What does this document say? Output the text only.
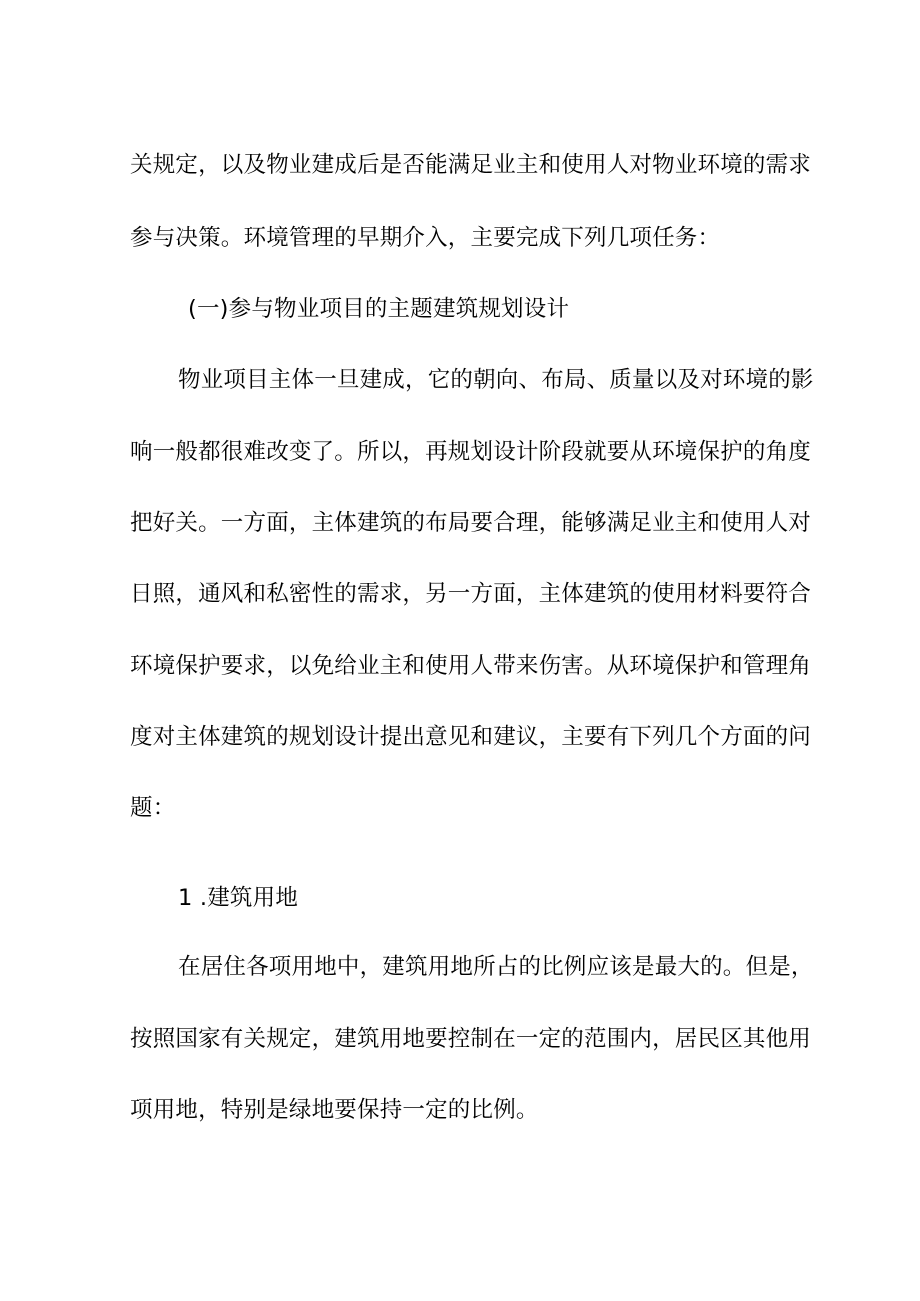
关规定，以及物业建成后是否能满足业主和使用人对物业环境的需求
参与决策。环境管理的早期介入，主要完成下列几项任务：
(一)参与物业项目的主题建筑规划设计
物业项目主体一旦建成，它的朝向、布局、质量以及对环境的影
响一般都很难改变了。所以，再规划设计阶段就要从环境保护的角度
把好关。一方面，主体建筑的布局要合理，能够满足业主和使用人对
日照，通风和私密性的需求，另一方面，主体建筑的使用材料要符合
环境保护要求，以免给业主和使用人带来伤害。从环境保护和管理角
度对主体建筑的规划设计提出意见和建议，主要有下列几个方面的问
题：
1 .建筑用地
在居住各项用地中，建筑用地所占的比例应该是最大的。但是，
按照国家有关规定，建筑用地要控制在一定的范围内，居民区其他用
项用地，特别是绿地要保持一定的比例。
